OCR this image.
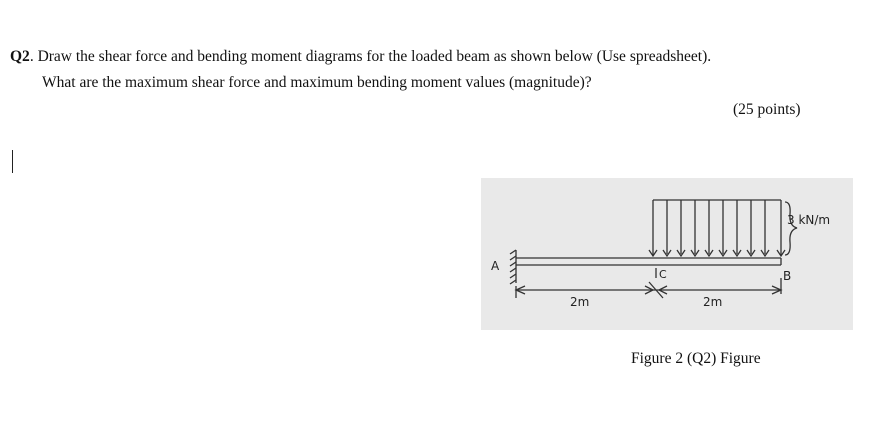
Q2. Draw the shear force and bending moment diagrams for the loaded beam as shown below (Use spreadsheet).
What are the maximum shear force and maximum bending moment values (magnitude)?
(25 points)
A
B
C
2m	2m
3 kN/m
Figure 2 (Q2) Figure
